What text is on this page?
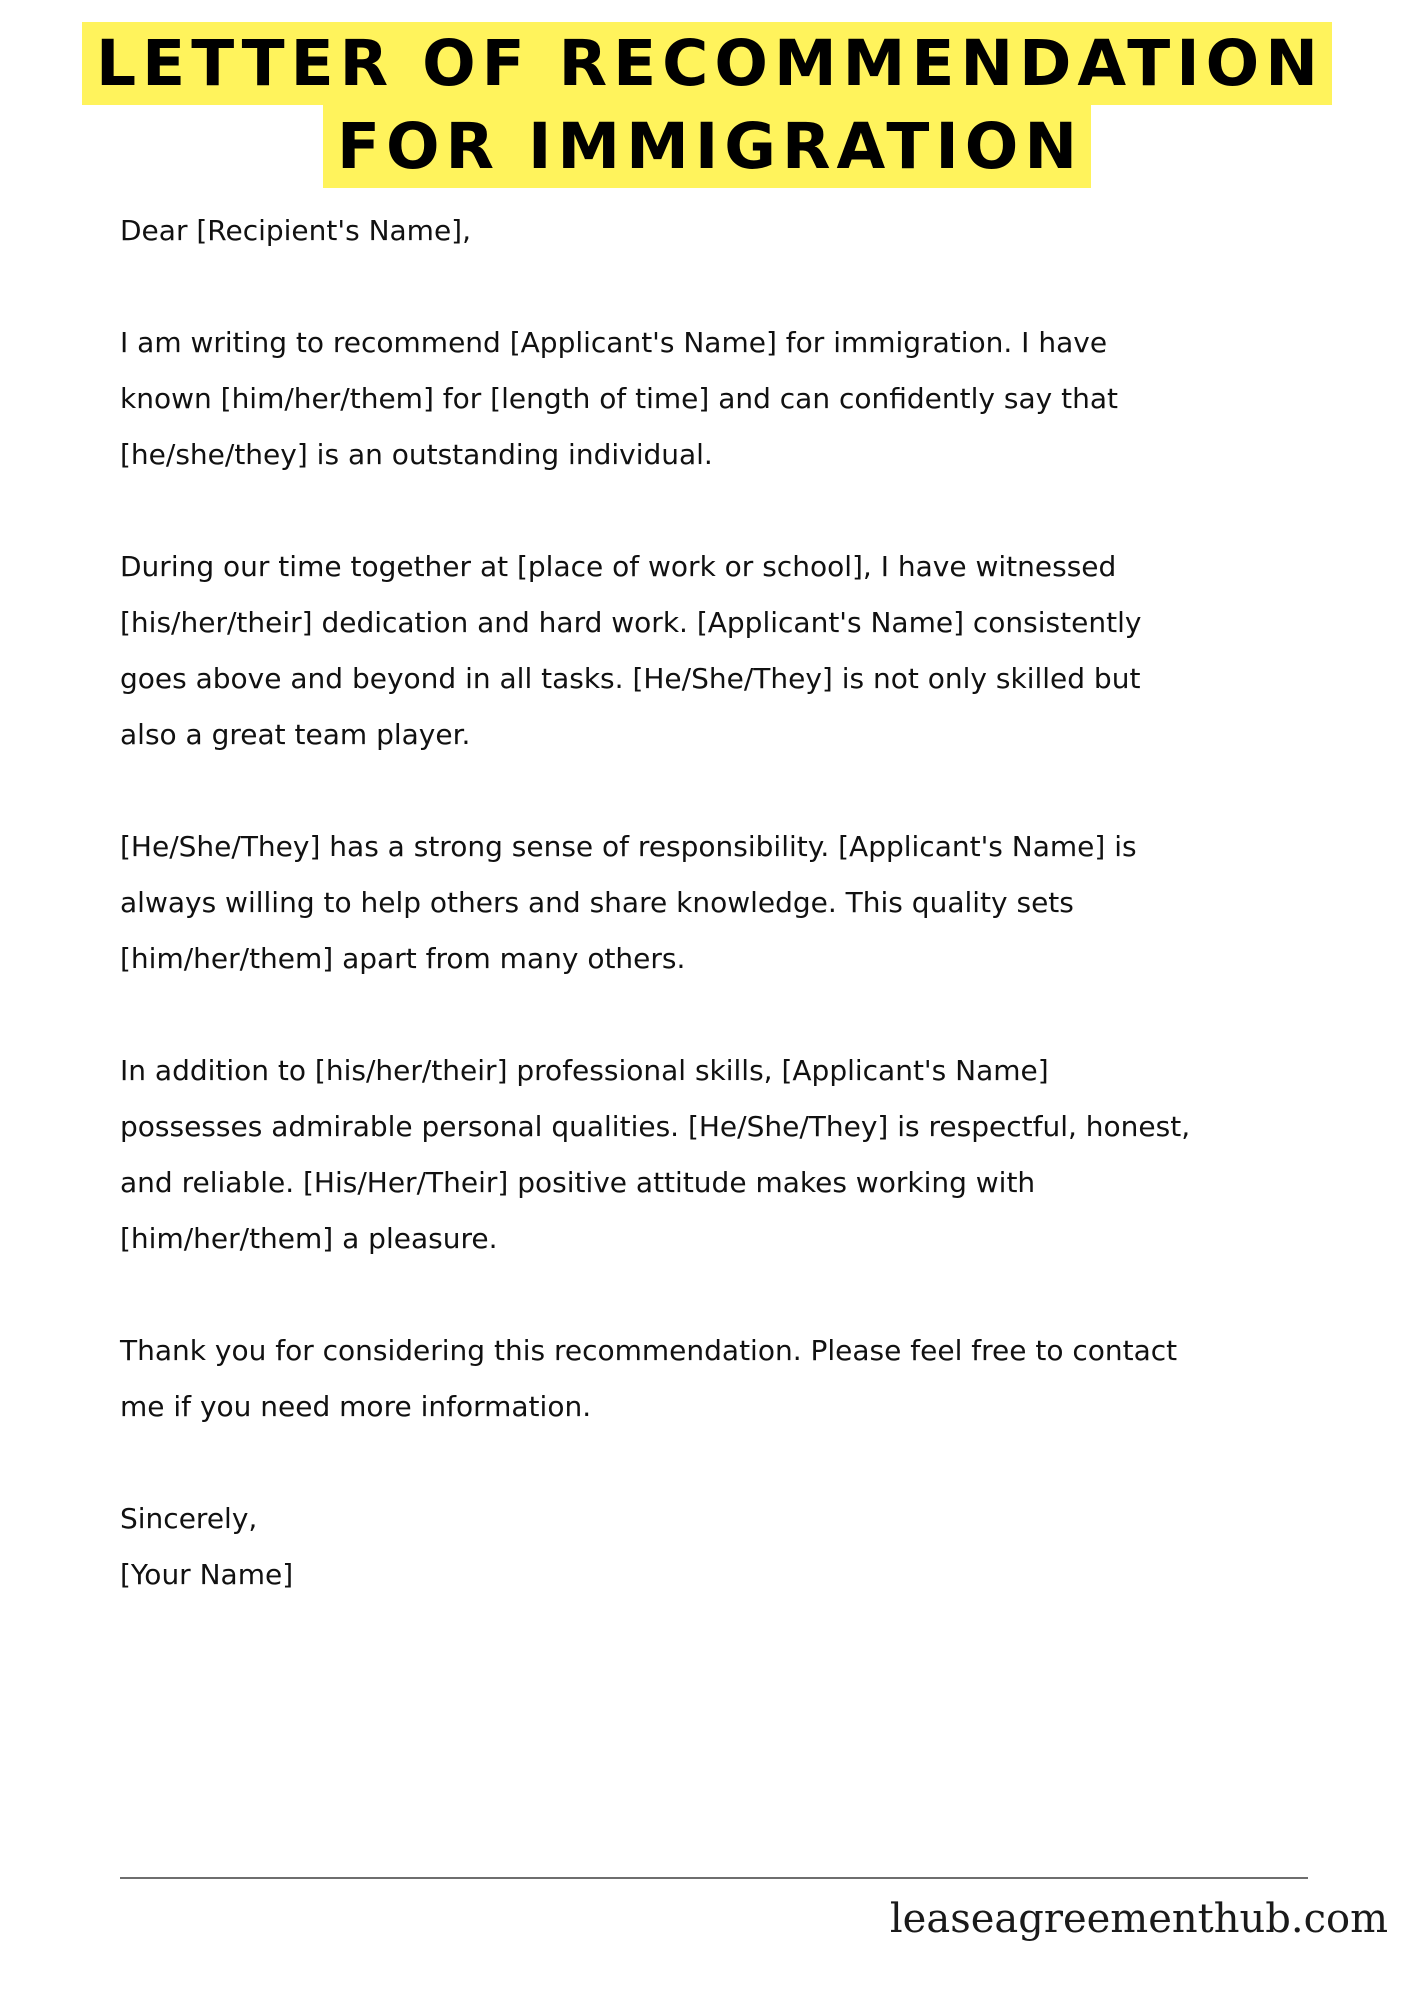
LETTER OF RECOMMENDATION
FOR IMMIGRATION

Dear [Recipient's Name],

I am writing to recommend [Applicant's Name] for immigration. I have
known [him/her/them] for [length of time] and can confidently say that
[he/she/they] is an outstanding individual.

During our time together at [place of work or school], I have witnessed
[his/her/their] dedication and hard work. [Applicant's Name] consistently
goes above and beyond in all tasks. [He/She/They] is not only skilled but
also a great team player.

[He/She/They] has a strong sense of responsibility. [Applicant's Name] is
always willing to help others and share knowledge. This quality sets
[him/her/them] apart from many others.

In addition to [his/her/their] professional skills, [Applicant's Name]
possesses admirable personal qualities. [He/She/They] is respectful, honest,
and reliable. [His/Her/Their] positive attitude makes working with
[him/her/them] a pleasure.

Thank you for considering this recommendation. Please feel free to contact
me if you need more information.

Sincerely,

[Your Name]

leaseagreementhub.com
